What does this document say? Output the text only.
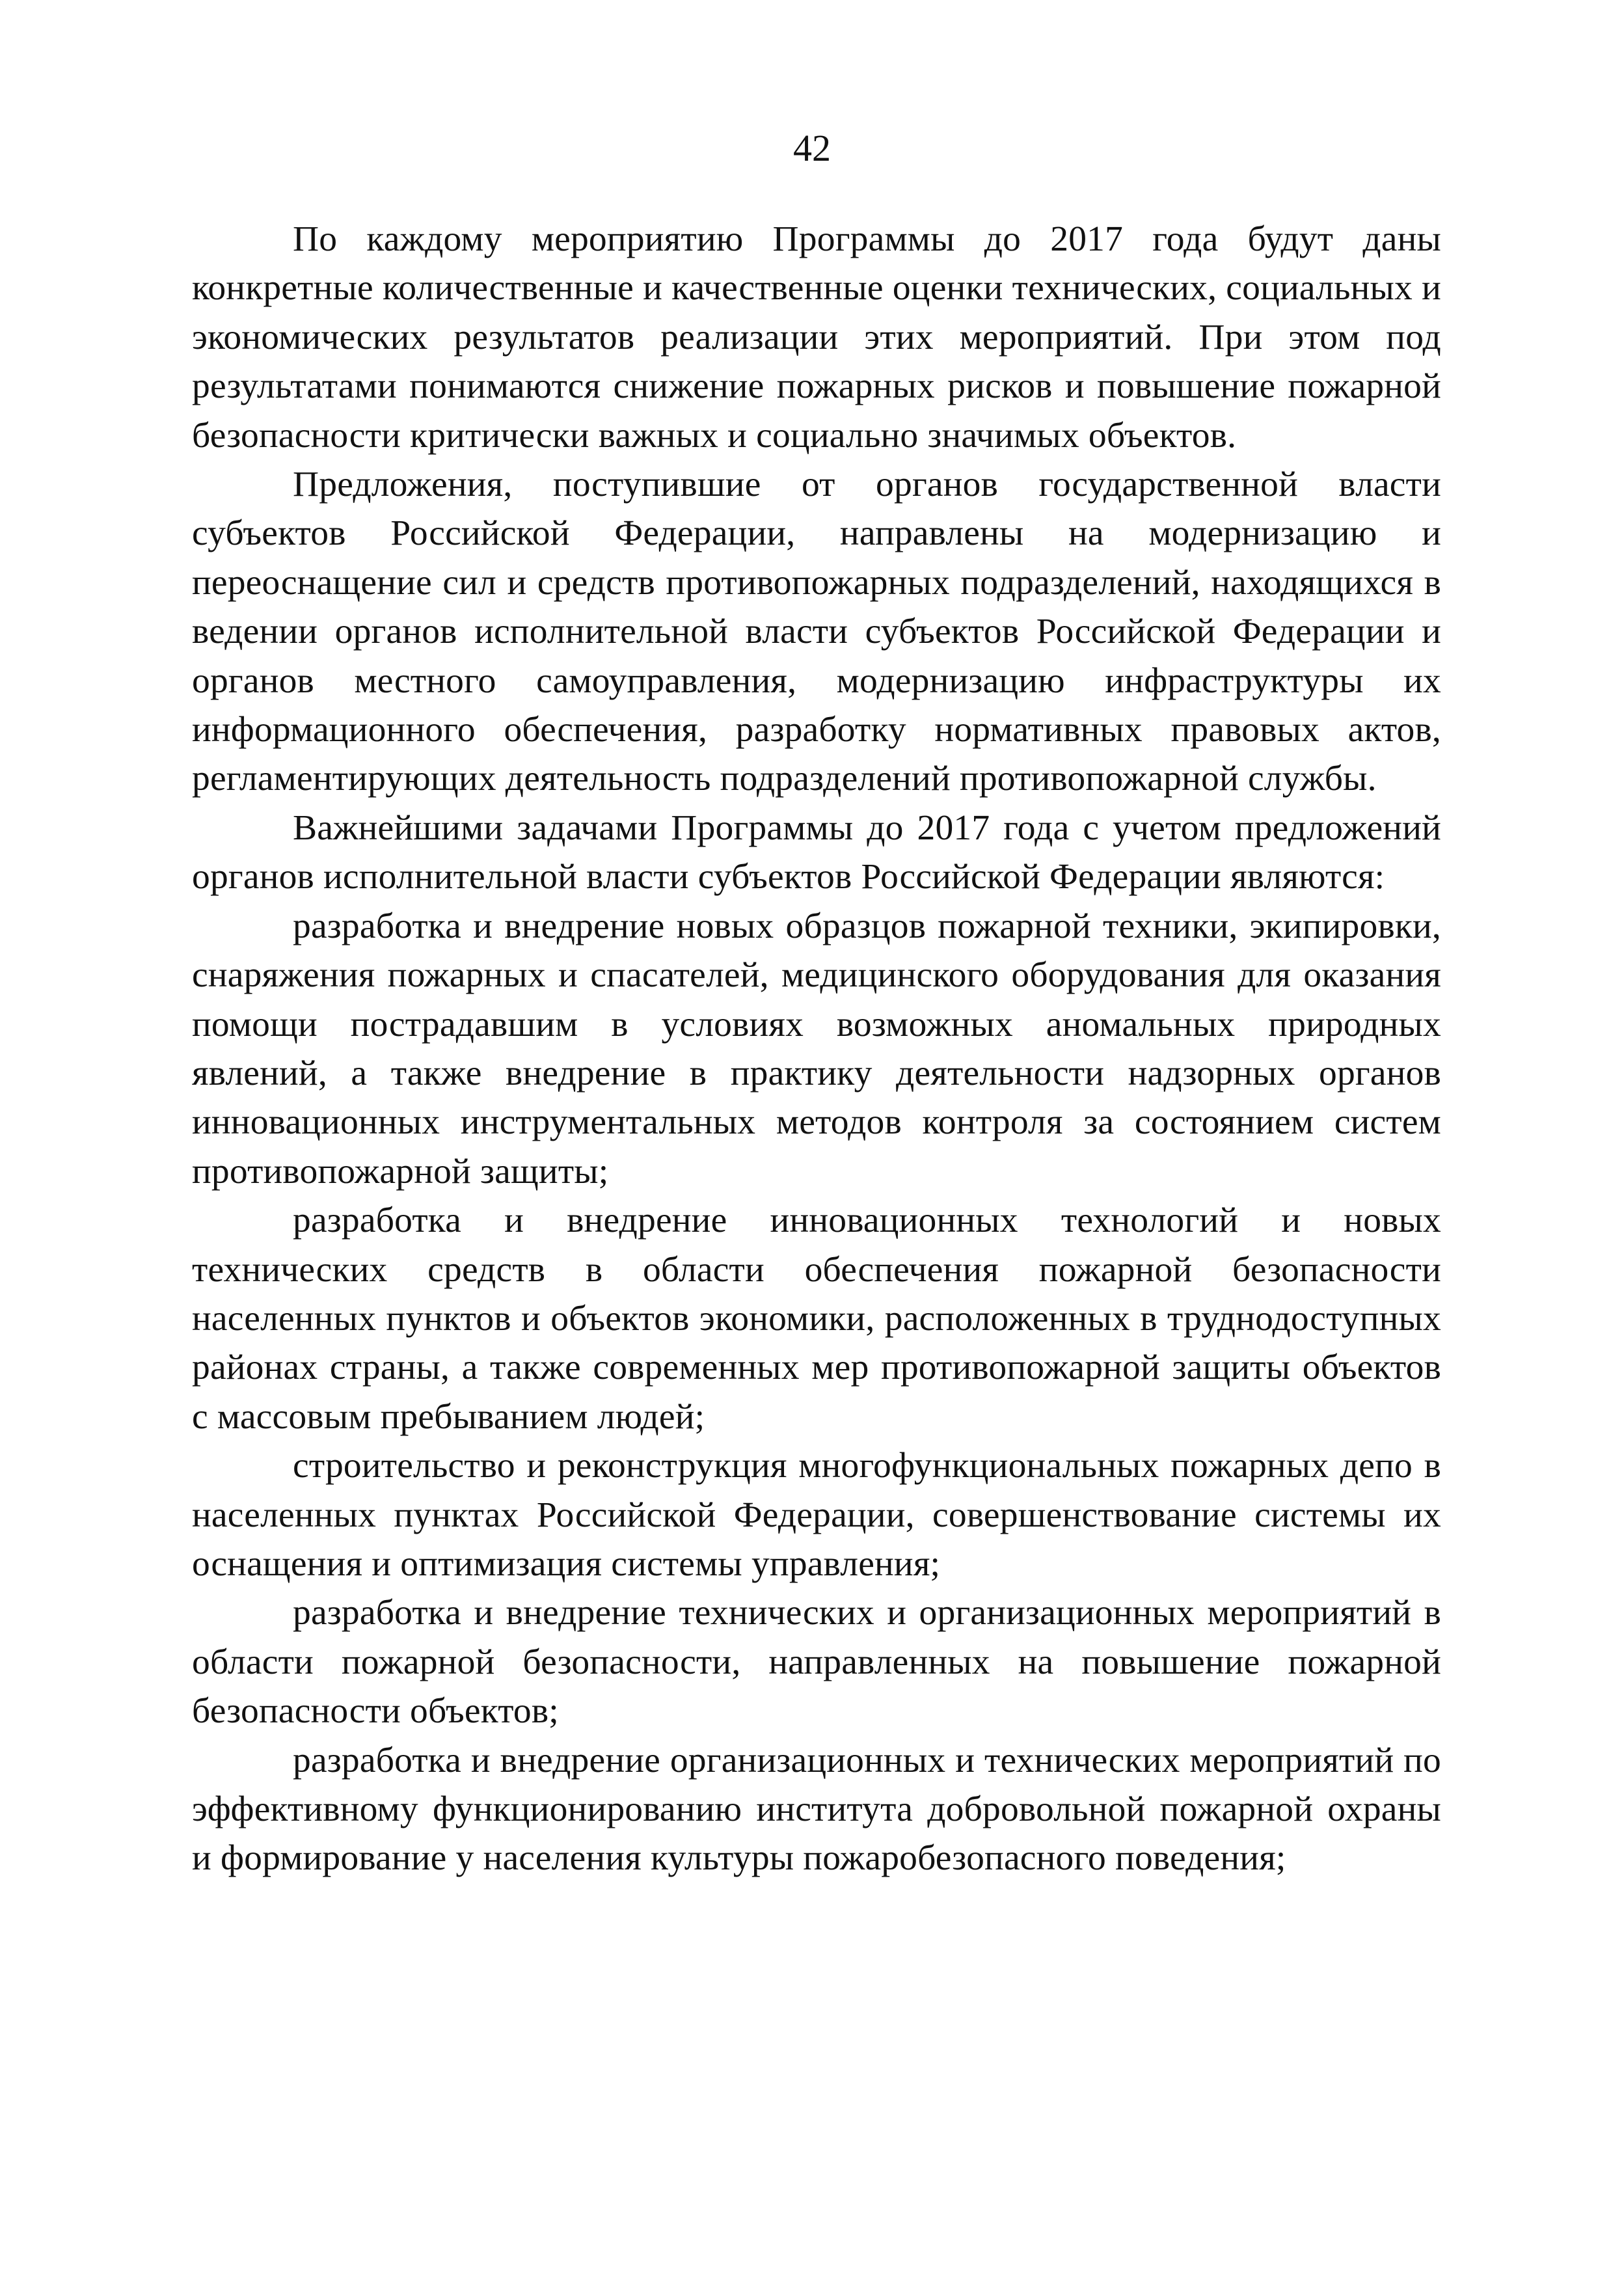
42

По каждому мероприятию Программы до 2017 года будут даны конкретные количественные и качественные оценки технических, социальных и экономических результатов реализации этих мероприятий. При этом под результатами понимаются снижение пожарных рисков и повышение пожарной безопасности критически важных и социально значимых объектов.

Предложения, поступившие от органов государственной власти субъектов Российской Федерации, направлены на модернизацию и переоснащение сил и средств противопожарных подразделений, находящихся в ведении органов исполнительной власти субъектов Российской Федерации и органов местного самоуправления, модернизацию инфраструктуры их информационного обеспечения, разработку нормативных правовых актов, регламентирующих деятельность подразделений противопожарной службы.

Важнейшими задачами Программы до 2017 года с учетом предложений органов исполнительной власти субъектов Российской Федерации являются:

разработка и внедрение новых образцов пожарной техники, экипировки, снаряжения пожарных и спасателей, медицинского оборудования для оказания помощи пострадавшим в условиях возможных аномальных природных явлений, а также внедрение в практику деятельности надзорных органов инновационных инструментальных методов контроля за состоянием систем противопожарной защиты;

разработка и внедрение инновационных технологий и новых технических средств в области обеспечения пожарной безопасности населенных пунктов и объектов экономики, расположенных в труднодоступных районах страны, а также современных мер противопожарной защиты объектов с массовым пребыванием людей;

строительство и реконструкция многофункциональных пожарных депо в населенных пунктах Российской Федерации, совершенствование системы их оснащения и оптимизация системы управления;

разработка и внедрение технических и организационных мероприятий в области пожарной безопасности, направленных на повышение пожарной безопасности объектов;

разработка и внедрение организационных и технических мероприятий по эффективному функционированию института добровольной пожарной охраны и формирование у населения культуры пожаробезопасного поведения;
